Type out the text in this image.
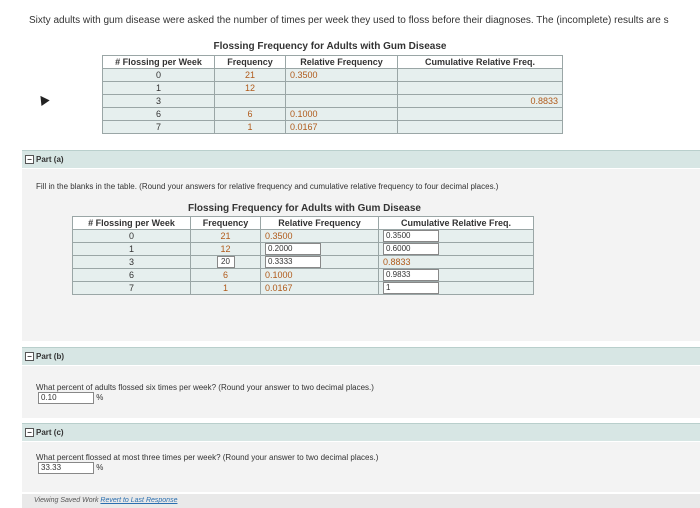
Sixty adults with gum disease were asked the number of times per week they used to floss before their diagnoses. The (incomplete) results are s
Flossing Frequency for Adults with Gum Disease
# Flossing per Week	Frequency	Relative Frequency	Cumulative Relative Freq.
0	21	0.3500	
1	12		
3			0.8833
6	6	0.1000	
7	1	0.0167	
− Part (a)
Fill in the blanks in the table. (Round your answers for relative frequency and cumulative relative frequency to four decimal places.)
Flossing Frequency for Adults with Gum Disease
# Flossing per Week	Frequency	Relative Frequency	Cumulative Relative Freq.
0	21	0.3500	0.3500
1	12	0.2000	0.6000
3	20	0.3333	0.8833
6	6	0.1000	0.9833
7	1	0.0167	1
− Part (b)
What percent of adults flossed six times per week? (Round your answer to two decimal places.)
0.10	%
− Part (c)
What percent flossed at most three times per week? (Round your answer to two decimal places.)
33.33	%
Viewing Saved Work Revert to Last Response
